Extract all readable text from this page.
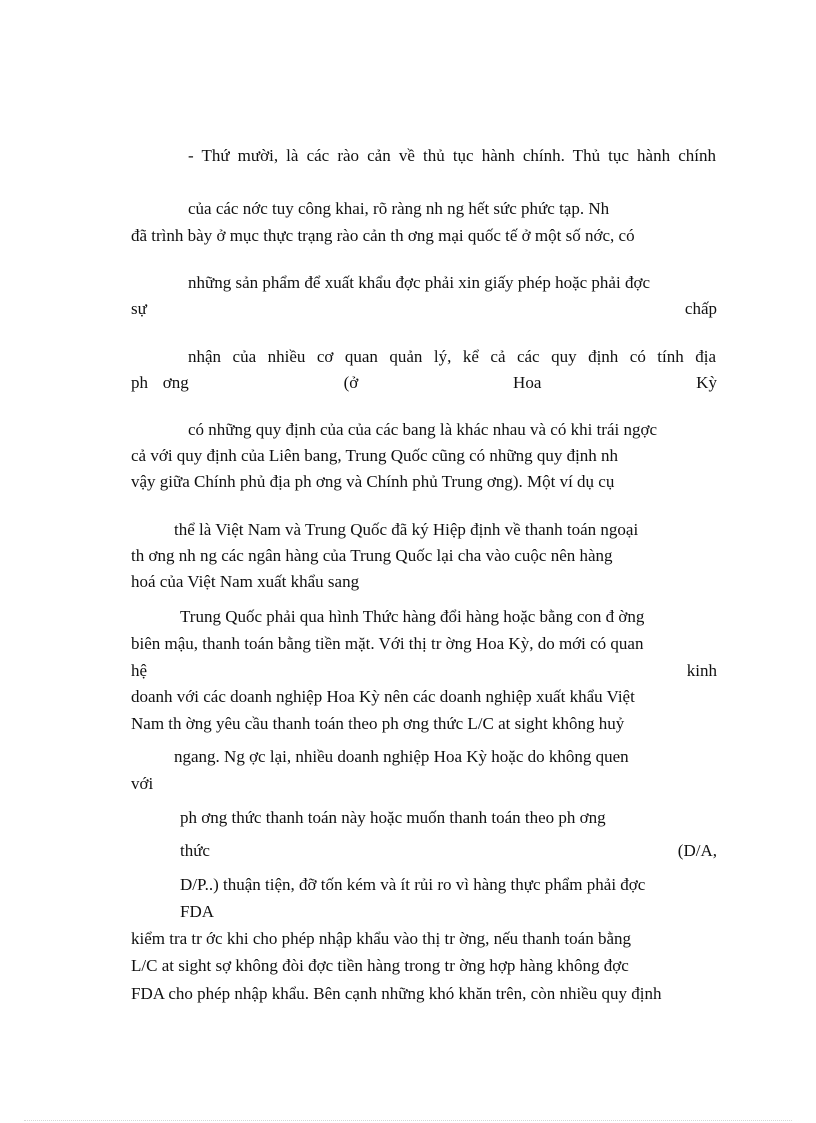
- Thứ mười, là các rào cản về thủ tục hành chính. Thủ tục hành chính
của các nớc tuy công khai, rõ ràng nh ng hết sức phức tạp. Nh
đã trình bày ở mục thực trạng rào cản th ơng mại quốc tế ở một số nớc, có
những sản phẩm để xuất khẩu đợc phải xin giấy phép hoặc phải đợc
sự	chấp
nhận của nhiều cơ quan quản lý, kể cả các quy định có tính địa
ph ơng	(ở	Hoa	Kỳ
có những quy định của của các bang là khác nhau và có khi trái ngợc
cả với quy định của Liên bang, Trung Quốc cũng có những quy định nh
vậy giữa Chính phủ địa ph ơng và Chính phủ Trung ơng). Một ví dụ cụ
thể là Việt Nam và Trung Quốc đã ký Hiệp định về thanh toán ngoại
th ơng nh ng các ngân hàng của Trung Quốc lại cha vào cuộc nên hàng
hoá của Việt Nam xuất khẩu sang
Trung Quốc phải qua hình Thức hàng đổi hàng hoặc bằng con đ ờng
biên mậu, thanh toán bằng tiền mặt. Với thị tr ờng Hoa Kỳ, do mới có quan
hệ	kinh
doanh với các doanh nghiệp Hoa Kỳ nên các doanh nghiệp xuất khẩu Việt
Nam th ờng yêu cầu thanh toán theo ph ơng thức L/C at sight không huỷ
ngang. Ng ợc lại, nhiều doanh nghiệp Hoa Kỳ hoặc do không quen
với
ph ơng thức thanh toán này hoặc muốn thanh toán theo ph ơng
thức	(D/A,
D/P..) thuận tiện, đỡ tốn kém và ít rủi ro vì hàng thực phẩm phải đợc
FDA
kiểm tra tr ớc khi cho phép nhập khẩu vào thị tr ờng, nếu thanh toán bằng
L/C at sight sợ không đòi đợc tiền hàng trong tr ờng hợp hàng không đợc
FDA cho phép nhập khẩu. Bên cạnh những khó khăn trên, còn nhiều quy định
